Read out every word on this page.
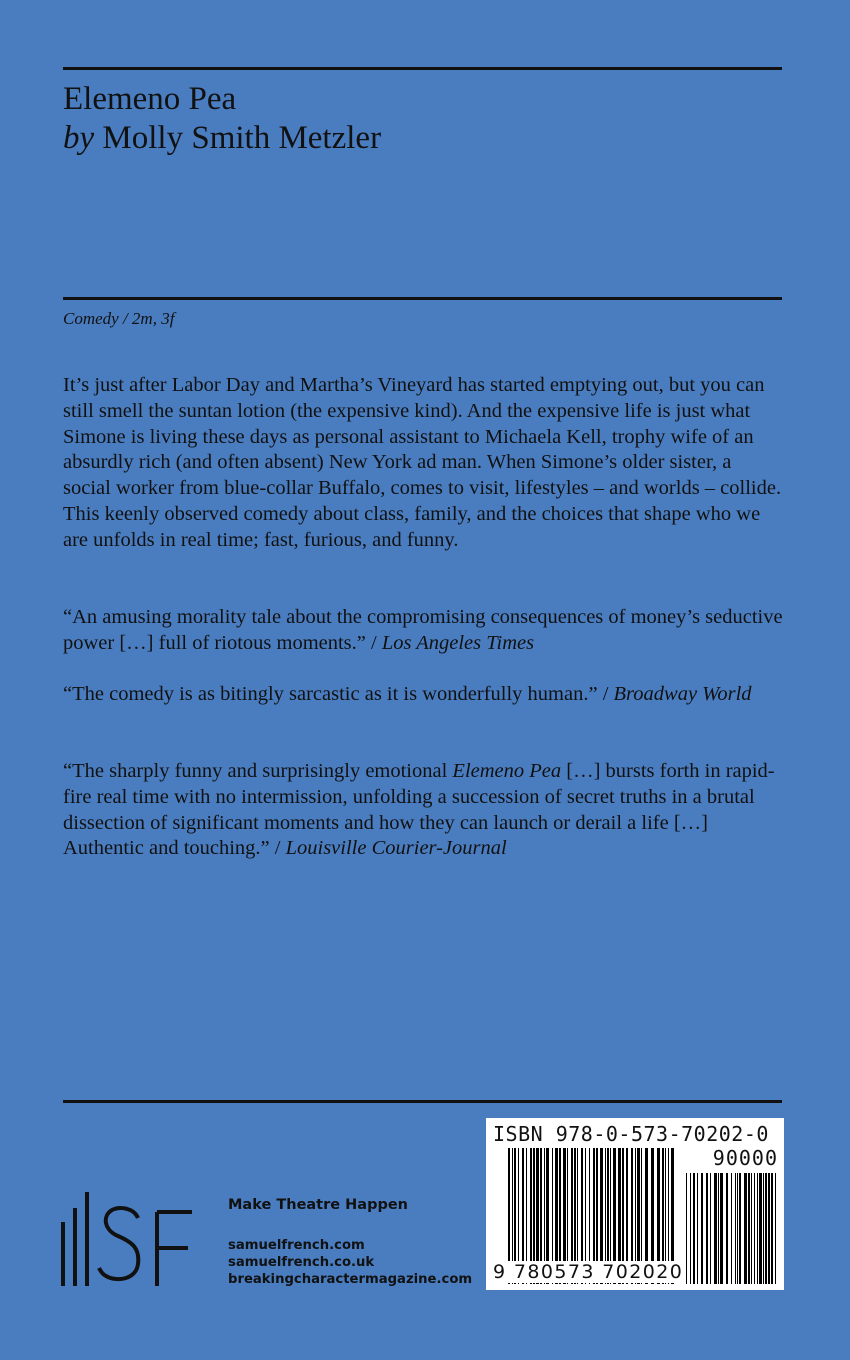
Elemeno Pea
by Molly Smith Metzler
Comedy / 2m, 3f
It’s just after Labor Day and Martha’s Vineyard has started emptying out, but you can still smell the suntan lotion (the expensive kind). And the expensive life is just what Simone is living these days as personal assistant to Michaela Kell, trophy wife of an absurdly rich (and often absent) New York ad man. When Simone’s older sister, a social worker from blue-collar Buffalo, comes to visit, lifestyles – and worlds – collide. This keenly observed comedy about class, family, and the choices that shape who we are unfolds in real time; fast, furious, and funny.
“An amusing morality tale about the compromising consequences of money’s seductive power […] full of riotous moments.” / Los Angeles Times
“The comedy is as bitingly sarcastic as it is wonderfully human.” / Broadway World
“The sharply funny and surprisingly emotional Elemeno Pea […] bursts forth in rapid-fire real time with no intermission, unfolding a succession of secret truths in a brutal dissection of significant moments and how they can launch or derail a life […] Authentic and touching.” / Louisville Courier-Journal
Make Theatre Happen
samuelfrench.com
samuelfrench.co.uk
breakingcharactermagazine.com
ISBN 978-0-573-70202-0
90000
9 780573 702020
